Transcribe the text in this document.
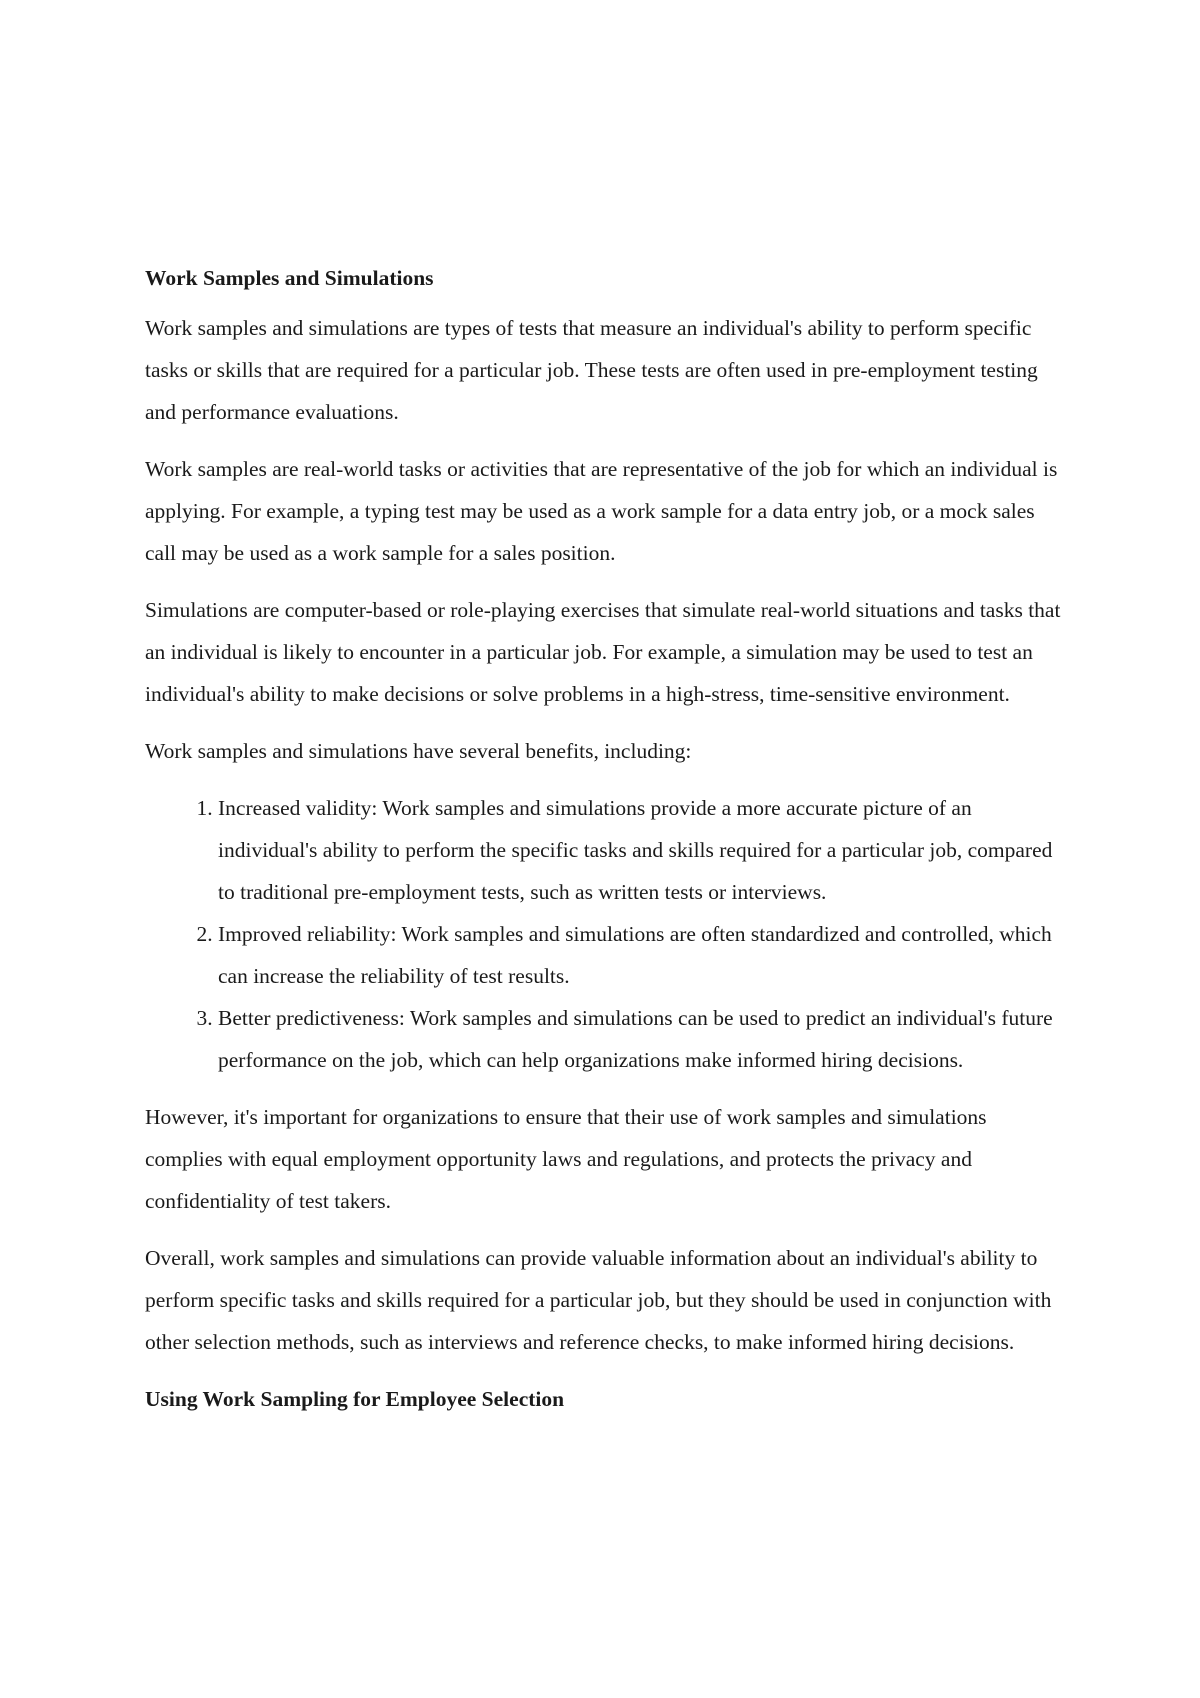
Work Samples and Simulations

Work samples and simulations are types of tests that measure an individual's ability to perform specific tasks or skills that are required for a particular job. These tests are often used in pre-employment testing and performance evaluations.

Work samples are real-world tasks or activities that are representative of the job for which an individual is applying. For example, a typing test may be used as a work sample for a data entry job, or a mock sales call may be used as a work sample for a sales position.

Simulations are computer-based or role-playing exercises that simulate real-world situations and tasks that an individual is likely to encounter in a particular job. For example, a simulation may be used to test an individual's ability to make decisions or solve problems in a high-stress, time-sensitive environment.

Work samples and simulations have several benefits, including:

1. Increased validity: Work samples and simulations provide a more accurate picture of an individual's ability to perform the specific tasks and skills required for a particular job, compared to traditional pre-employment tests, such as written tests or interviews.
2. Improved reliability: Work samples and simulations are often standardized and controlled, which can increase the reliability of test results.
3. Better predictiveness: Work samples and simulations can be used to predict an individual's future performance on the job, which can help organizations make informed hiring decisions.

However, it's important for organizations to ensure that their use of work samples and simulations complies with equal employment opportunity laws and regulations, and protects the privacy and confidentiality of test takers.

Overall, work samples and simulations can provide valuable information about an individual's ability to perform specific tasks and skills required for a particular job, but they should be used in conjunction with other selection methods, such as interviews and reference checks, to make informed hiring decisions.

Using Work Sampling for Employee Selection
